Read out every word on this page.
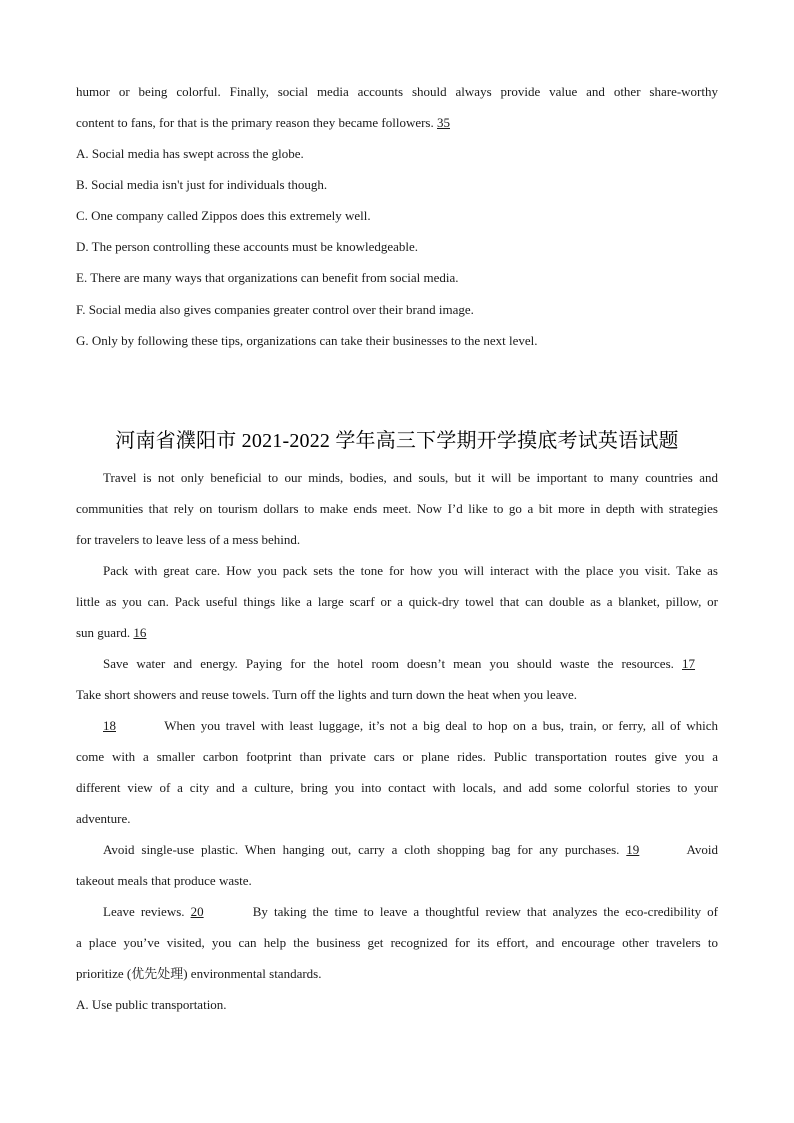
humor or being colorful. Finally, social media accounts should always provide value and other share-worthy
content to fans, for that is the primary reason they became followers. 35
A. Social media has swept across the globe.
B. Social media isn't just for individuals though.
C. One company called Zippos does this extremely well.
D. The person controlling these accounts must be knowledgeable.
E. There are many ways that organizations can benefit from social media.
F. Social media also gives companies greater control over their brand image.
G. Only by following these tips, organizations can take their businesses to the next level.
河南省濮阳市 2021-2022 学年高三下学期开学摸底考试英语试题
Travel is not only beneficial to our minds, bodies, and souls, but it will be important to many countries and
communities that rely on tourism dollars to make ends meet. Now I’d like to go a bit more in depth with strategies
for travelers to leave less of a mess behind.
Pack with great care. How you pack sets the tone for how you will interact with the place you visit. Take as
little as you can. Pack useful things like a large scarf or a quick-dry towel that can double as a blanket, pillow, or
sun guard. 16
Save water and energy. Paying for the hotel room doesn’t mean you should waste the resources. 17
Take short showers and reuse towels. Turn off the lights and turn down the heat when you leave.
18	When you travel with least luggage, it’s not a big deal to hop on a bus, train, or ferry, all of which
come with a smaller carbon footprint than private cars or plane rides. Public transportation routes give you a
different view of a city and a culture, bring you into contact with locals, and add some colorful stories to your
adventure.
Avoid single-use plastic. When hanging out, carry a cloth shopping bag for any purchases. 19	Avoid
takeout meals that produce waste.
Leave reviews. 20	By taking the time to leave a thoughtful review that analyzes the eco-credibility of
a place you’ve visited, you can help the business get recognized for its effort, and encourage other travelers to
prioritize (优先处理) environmental standards.
A. Use public transportation.
